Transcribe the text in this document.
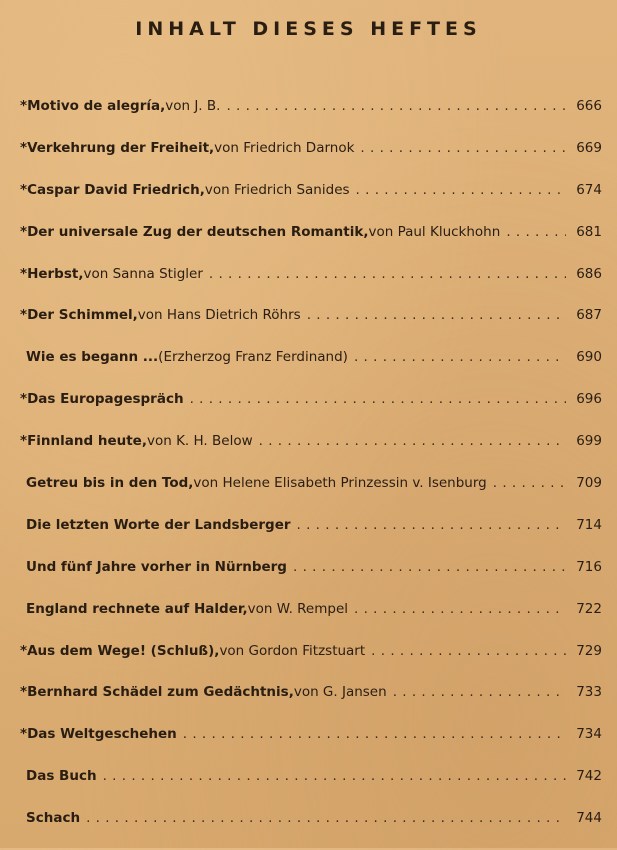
INHALT DIESES HEFTES
* Motivo de alegría, von J. B. . . .	666
* Verkehrung der Freiheit, von Friedrich Darnok . . .	669
* Caspar David Friedrich, von Friedrich Sanides . . .	674
* Der universale Zug der deutschen Romantik, von Paul Kluckhohn . . .	681
* Herbst, von Sanna Stigler . . .	686
* Der Schimmel, von Hans Dietrich Röhrs . . .	687
Wie es begann ... (Erzherzog Franz Ferdinand) . . .	690
* Das Europagespräch . . .	696
* Finnland heute, von K. H. Below . . .	699
Getreu bis in den Tod, von Helene Elisabeth Prinzessin v. Isenburg . . .	709
Die letzten Worte der Landsberger . . .	714
Und fünf Jahre vorher in Nürnberg . . .	716
England rechnete auf Halder, von W. Rempel . . .	722
* Aus dem Wege! (Schluß), von Gordon Fitzstuart . . .	729
* Bernhard Schädel zum Gedächtnis, von G. Jansen . . .	733
* Das Weltgeschehen . . .	734
Das Buch . . .	742
Schach . . .	744
